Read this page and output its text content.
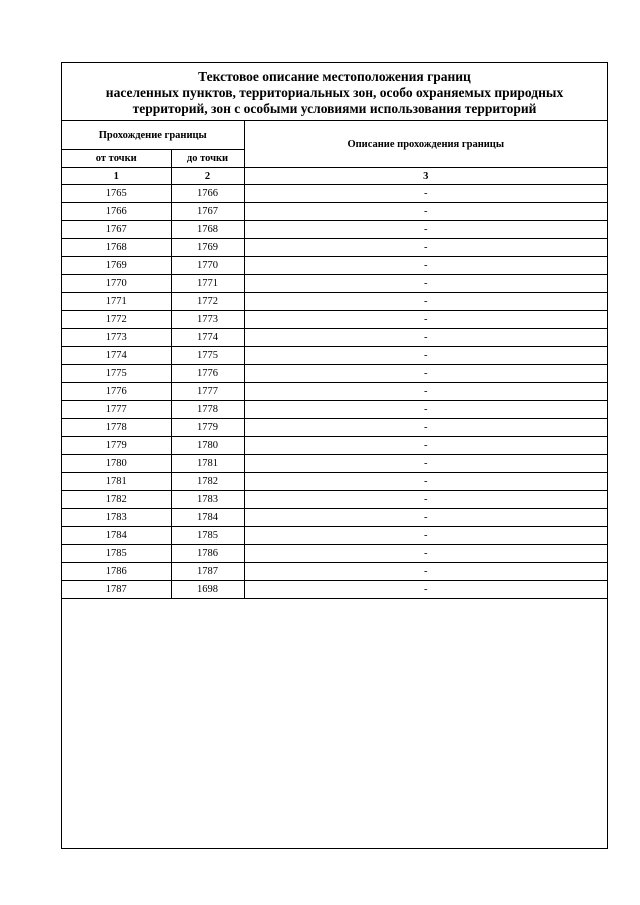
Текстовое описание местоположения границ
населенных пунктов, территориальных зон, особо охраняемых природных
территорий, зон с особыми условиями использования территорий
Прохождение границы		Описание прохождения границы
от точки	до точки	
1	2	3
1765	1766	-
1766	1767	-
1767	1768	-
1768	1769	-
1769	1770	-
1770	1771	-
1771	1772	-
1772	1773	-
1773	1774	-
1774	1775	-
1775	1776	-
1776	1777	-
1777	1778	-
1778	1779	-
1779	1780	-
1780	1781	-
1781	1782	-
1782	1783	-
1783	1784	-
1784	1785	-
1785	1786	-
1786	1787	-
1787	1698	-
